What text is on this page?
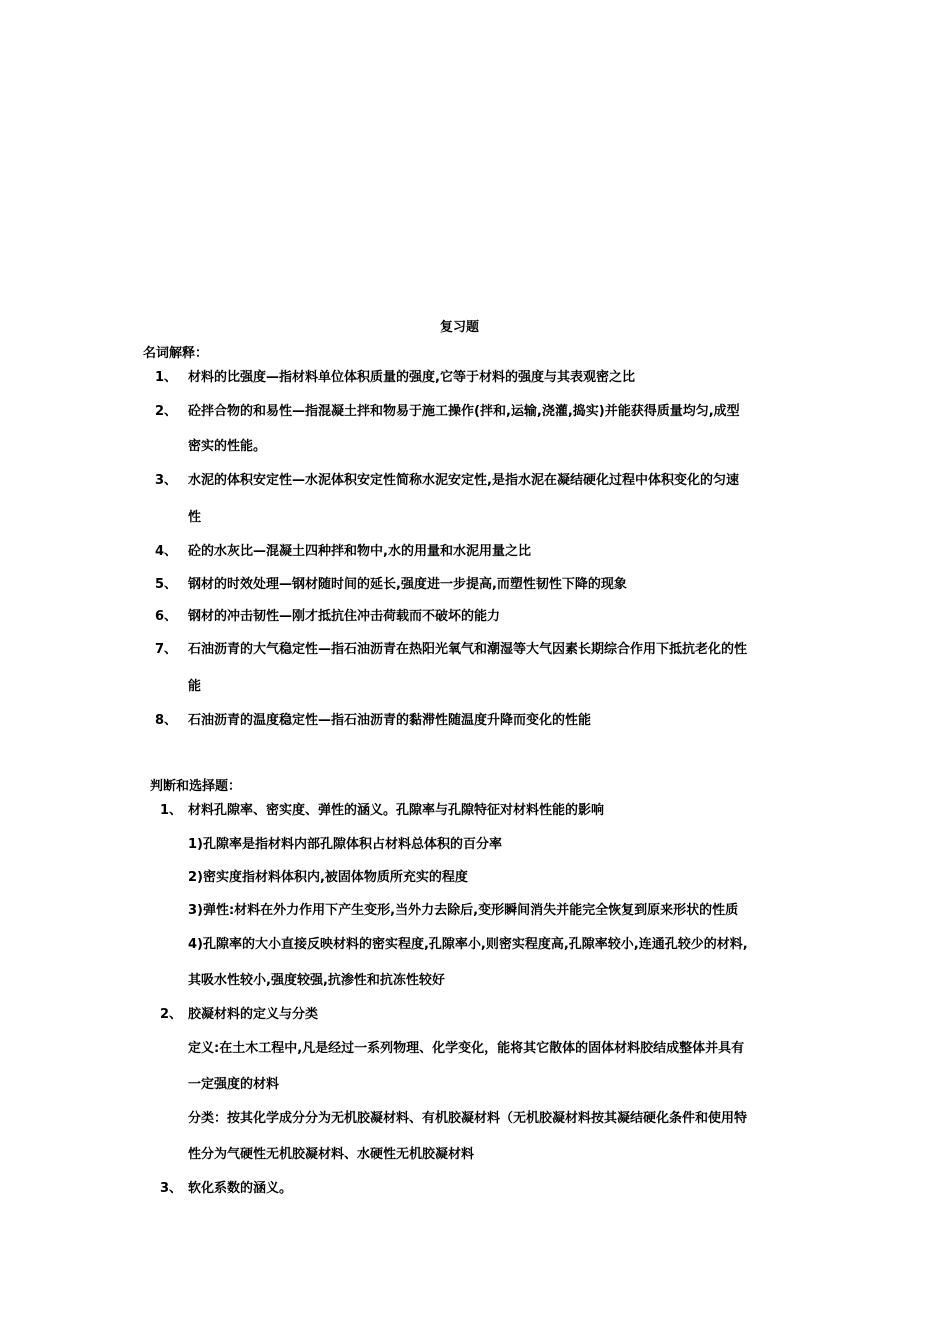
复习题
名词解释：
1、 材料的比强度—指材料单位体积质量的强度,它等于材料的强度与其表观密之比
2、 砼拌合物的和易性—指混凝土拌和物易于施工操作(拌和,运输,浇灌,捣实)并能获得质量均匀,成型
密实的性能。
3、 水泥的体积安定性—水泥体积安定性简称水泥安定性,是指水泥在凝结硬化过程中体积变化的匀速
性
4、 砼的水灰比—混凝土四种拌和物中,水的用量和水泥用量之比
5、 钢材的时效处理—钢材随时间的延长,强度进一步提高,而塑性韧性下降的现象
6、 钢材的冲击韧性—刚才抵抗住冲击荷载而不破坏的能力
7、 石油沥青的大气稳定性—指石油沥青在热阳光氧气和潮湿等大气因素长期综合作用下抵抗老化的性
能
8、 石油沥青的温度稳定性—指石油沥青的黏滞性随温度升降而变化的性能
判断和选择题：
1、 材料孔隙率、密实度、弹性的涵义。孔隙率与孔隙特征对材料性能的影响
1)孔隙率是指材料内部孔隙体积占材料总体积的百分率
2)密实度指材料体积内,被固体物质所充实的程度
3)弹性:材料在外力作用下产生变形,当外力去除后,变形瞬间消失并能完全恢复到原来形状的性质
4)孔隙率的大小直接反映材料的密实程度,孔隙率小,则密实程度高,孔隙率较小,连通孔较少的材料,
其吸水性较小,强度较强,抗渗性和抗冻性较好
2、 胶凝材料的定义与分类
定义:在土木工程中,凡是经过一系列物理、化学变化，能将其它散体的固体材料胶结成整体并具有
一定强度的材料
分类：按其化学成分分为无机胶凝材料、有机胶凝材料（无机胶凝材料按其凝结硬化条件和使用特
性分为气硬性无机胶凝材料、水硬性无机胶凝材料
3、 软化系数的涵义。
